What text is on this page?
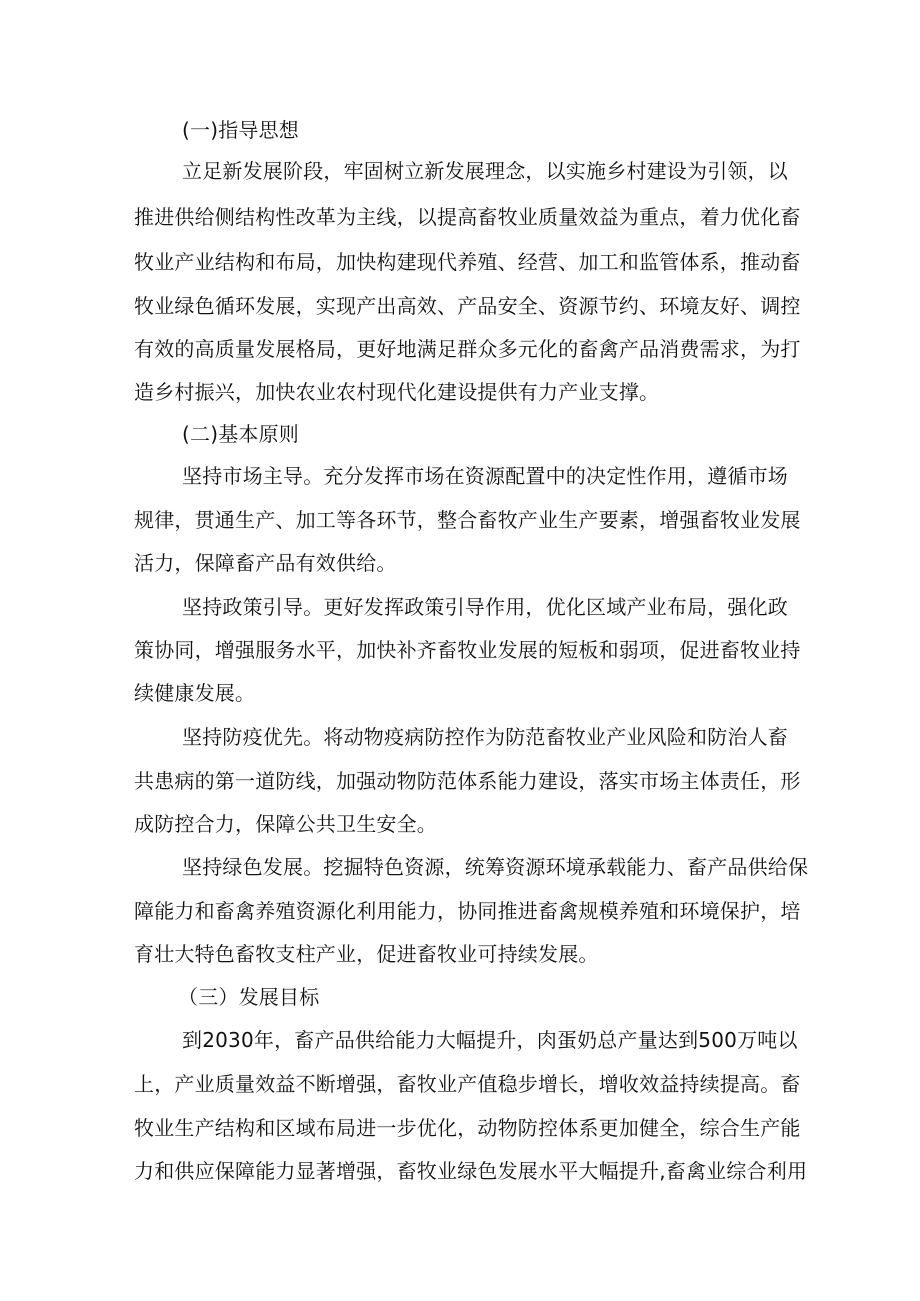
(一)指导思想
立足新发展阶段，牢固树立新发展理念，以实施乡村建设为引领，以
推进供给侧结构性改革为主线，以提高畜牧业质量效益为重点，着力优化畜
牧业产业结构和布局，加快构建现代养殖、经营、加工和监管体系，推动畜
牧业绿色循环发展，实现产出高效、产品安全、资源节约、环境友好、调控
有效的高质量发展格局，更好地满足群众多元化的畜禽产品消费需求，为打
造乡村振兴，加快农业农村现代化建设提供有力产业支撑。
(二)基本原则
坚持市场主导。充分发挥市场在资源配置中的决定性作用，遵循市场
规律，贯通生产、加工等各环节，整合畜牧产业生产要素，增强畜牧业发展
活力，保障畜产品有效供给。
坚持政策引导。更好发挥政策引导作用，优化区域产业布局，强化政
策协同，增强服务水平，加快补齐畜牧业发展的短板和弱项，促进畜牧业持
续健康发展。
坚持防疫优先。将动物疫病防控作为防范畜牧业产业风险和防治人畜
共患病的第一道防线，加强动物防范体系能力建设，落实市场主体责任，形
成防控合力，保障公共卫生安全。
坚持绿色发展。挖掘特色资源，统筹资源环境承载能力、畜产品供给保
障能力和畜禽养殖资源化利用能力，协同推进畜禽规模养殖和环境保护，培
育壮大特色畜牧支柱产业，促进畜牧业可持续发展。
（三）发展目标
到2030年，畜产品供给能力大幅提升，肉蛋奶总产量达到500万吨以
上，产业质量效益不断增强，畜牧业产值稳步增长，增收效益持续提高。畜
牧业生产结构和区域布局进一步优化，动物防控体系更加健全，综合生产能
力和供应保障能力显著增强，畜牧业绿色发展水平大幅提升,畜禽业综合利用
